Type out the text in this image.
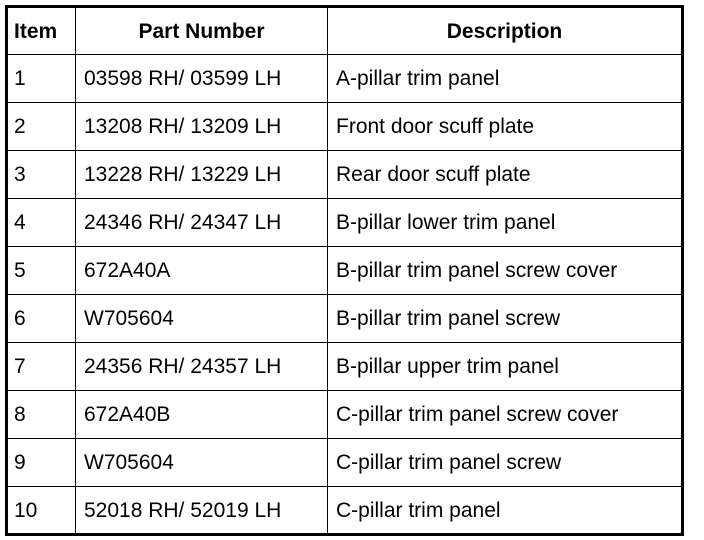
Item	Part Number	Description
1	03598 RH/ 03599 LH	A-pillar trim panel
2	13208 RH/ 13209 LH	Front door scuff plate
3	13228 RH/ 13229 LH	Rear door scuff plate
4	24346 RH/ 24347 LH	B-pillar lower trim panel
5	672A40A	B-pillar trim panel screw cover
6	W705604	B-pillar trim panel screw
7	24356 RH/ 24357 LH	B-pillar upper trim panel
8	672A40B	C-pillar trim panel screw cover
9	W705604	C-pillar trim panel screw
10	52018 RH/ 52019 LH	C-pillar trim panel
